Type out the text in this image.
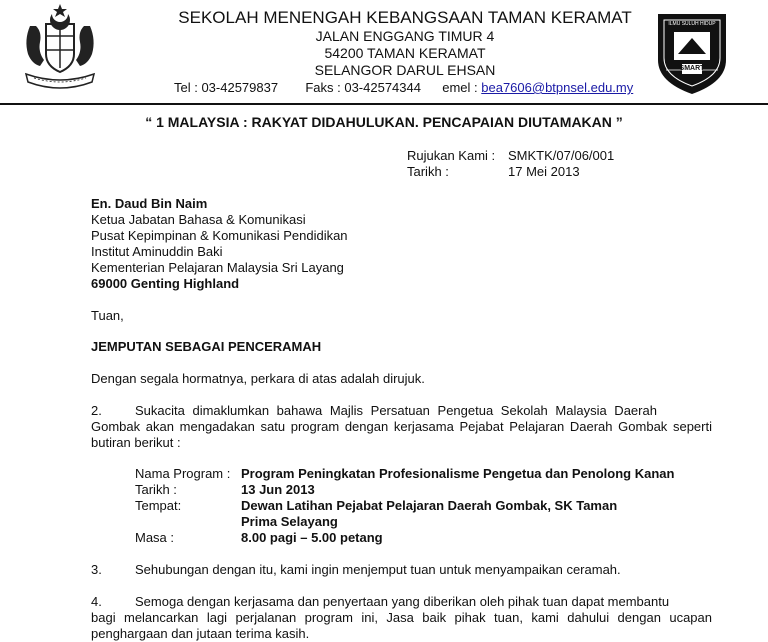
SEKOLAH MENENGAH KEBANGSAAN TAMAN KERAMAT
JALAN ENGGANG TIMUR 4
54200 TAMAN KERAMAT
SELANGOR DARUL EHSAN
Tel : 03-42579837 Faks : 03-42574344 emel : bea7606@btpnsel.edu.my
ILMU SULUH HIDUP
SMART
“ 1 MALAYSIA : RAKYAT DIDAHULUKAN. PENCAPAIAN DIUTAMAKAN ”
Rujukan Kami : SMKTK/07/06/001
Tarikh :	17 Mei 2013
En. Daud Bin Naim
Ketua Jabatan Bahasa & Komunikasi
Pusat Kepimpinan & Komunikasi Pendidikan
Institut Aminuddin Baki
Kementerian Pelajaran Malaysia Sri Layang
69000 Genting Highland
Tuan,
JEMPUTAN SEBAGAI PENCERAMAH
Dengan segala hormatnya, perkara di atas adalah dirujuk.
2.	Sukacita dimaklumkan bahawa Majlis Persatuan Pengetua Sekolah Malaysia Daerah
Gombak akan mengadakan satu program dengan kerjasama Pejabat Pelajaran Daerah Gombak seperti butiran berikut :
Nama Program : Program Peningkatan Profesionalisme Pengetua dan Penolong Kanan
Tarikh :	13 Jun 2013
Tempat:	Dewan Latihan Pejabat Pelajaran Daerah Gombak, SK Taman
Prima Selayang
Masa :	8.00 pagi – 5.00 petang
3.	Sehubungan dengan itu, kami ingin menjemput tuan untuk menyampaikan ceramah.
4.	Semoga dengan kerjasama dan penyertaan yang diberikan oleh pihak tuan dapat membantu
bagi melancarkan lagi perjalanan program ini, Jasa baik pihak tuan, kami dahului dengan ucapan penghargaan dan jutaan terima kasih.
